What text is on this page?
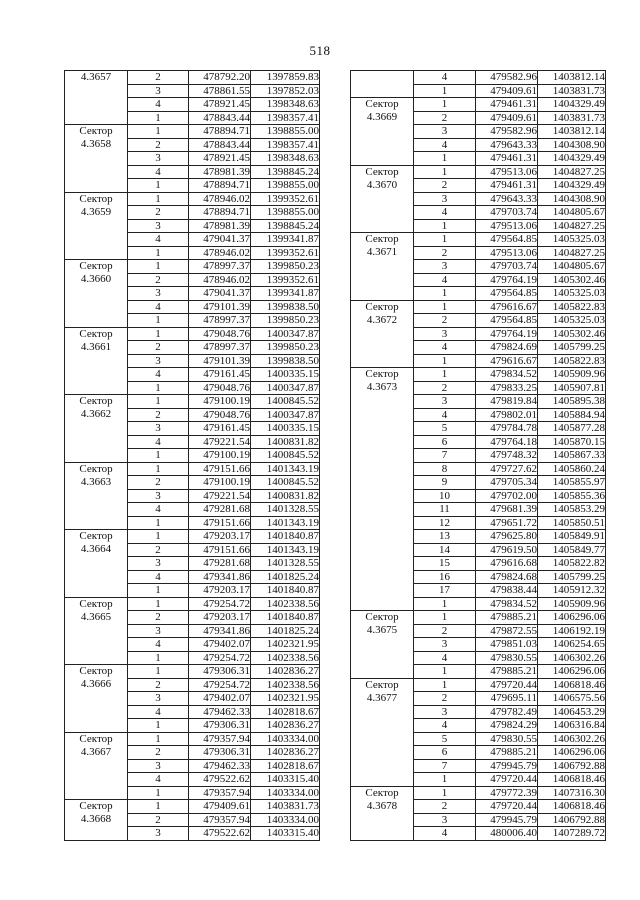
518
4.3657	2	478792.20	1397859.83
	3	478861.55	1397852.03
	4	478921.45	1398348.63
	1	478843.44	1398357.41

Сектор
4.3658	1	478894.71	1398855.00
	2	478843.44	1398357.41
	3	478921.45	1398348.63
	4	478981.39	1398845.24
	1	478894.71	1398855.00

Сектор
4.3659	1	478946.02	1399352.61
	2	478894.71	1398855.00
	3	478981.39	1398845.24
	4	479041.37	1399341.87
	1	478946.02	1399352.61

Сектор
4.3660	1	478997.37	1399850.23
	2	478946.02	1399352.61
	3	479041.37	1399341.87
	4	479101.39	1399838.50
	1	478997.37	1399850.23

Сектор
4.3661	1	479048.76	1400347.87
	2	478997.37	1399850.23
	3	479101.39	1399838.50
	4	479161.45	1400335.15
	1	479048.76	1400347.87

Сектор
4.3662	1	479100.19	1400845.52
	2	479048.76	1400347.87
	3	479161.45	1400335.15
	4	479221.54	1400831.82
	1	479100.19	1400845.52

Сектор
4.3663	1	479151.66	1401343.19
	2	479100.19	1400845.52
	3	479221.54	1400831.82
	4	479281.68	1401328.55
	1	479151.66	1401343.19

Сектор
4.3664	1	479203.17	1401840.87
	2	479151.66	1401343.19
	3	479281.68	1401328.55
	4	479341.86	1401825.24
	1	479203.17	1401840.87

Сектор
4.3665	1	479254.72	1402338.56
	2	479203.17	1401840.87
	3	479341.86	1401825.24
	4	479402.07	1402321.95
	1	479254.72	1402338.56

Сектор
4.3666	1	479306.31	1402836.27
	2	479254.72	1402338.56
	3	479402.07	1402321.95
	4	479462.33	1402818.67
	1	479306.31	1402836.27

Сектор
4.3667	1	479357.94	1403334.00
	2	479306.31	1402836.27
	3	479462.33	1402818.67
	4	479522.62	1403315.40
	1	479357.94	1403334.00

Сектор
4.3668	1	479409.61	1403831.73
	2	479357.94	1403334.00
	3	479522.62	1403315.40
	4	479582.96	1403812.14
	1	479409.61	1403831.73

Сектор
4.3669	1	479461.31	1404329.49
	2	479409.61	1403831.73
	3	479582.96	1403812.14
	4	479643.33	1404308.90
	1	479461.31	1404329.49

Сектор
4.3670	1	479513.06	1404827.25
	2	479461.31	1404329.49
	3	479643.33	1404308.90
	4	479703.74	1404805.67
	1	479513.06	1404827.25

Сектор
4.3671	1	479564.85	1405325.03
	2	479513.06	1404827.25
	3	479703.74	1404805.67
	4	479764.19	1405302.46
	1	479564.85	1405325.03

Сектор
4.3672	1	479616.67	1405822.83
	2	479564.85	1405325.03
	3	479764.19	1405302.46
	4	479824.69	1405799.25
	1	479616.67	1405822.83

Сектор
4.3673	1	479834.52	1405909.96
	2	479833.25	1405907.81
	3	479819.84	1405895.38
	4	479802.01	1405884.94
	5	479784.78	1405877.28
	6	479764.18	1405870.15
	7	479748.32	1405867.33
	8	479727.62	1405860.24
	9	479705.34	1405855.97
	10	479702.00	1405855.36
	11	479681.39	1405853.29
	12	479651.72	1405850.51
	13	479625.80	1405849.91
	14	479619.50	1405849.77
	15	479616.68	1405822.82
	16	479824.68	1405799.25
	17	479838.44	1405912.32
	1	479834.52	1405909.96

Сектор
4.3675	1	479885.21	1406296.06
	2	479872.55	1406192.19
	3	479851.03	1406254.65
	4	479830.55	1406302.26
	1	479885.21	1406296.06

Сектор
4.3677	1	479720.44	1406818.46
	2	479695.11	1406575.56
	3	479782.49	1406453.29
	4	479824.29	1406316.84
	5	479830.55	1406302.26
	6	479885.21	1406296.06
	7	479945.79	1406792.88
	1	479720.44	1406818.46

Сектор
4.3678	1	479772.39	1407316.30
	2	479720.44	1406818.46
	3	479945.79	1406792.88
	4	480006.40	1407289.72
